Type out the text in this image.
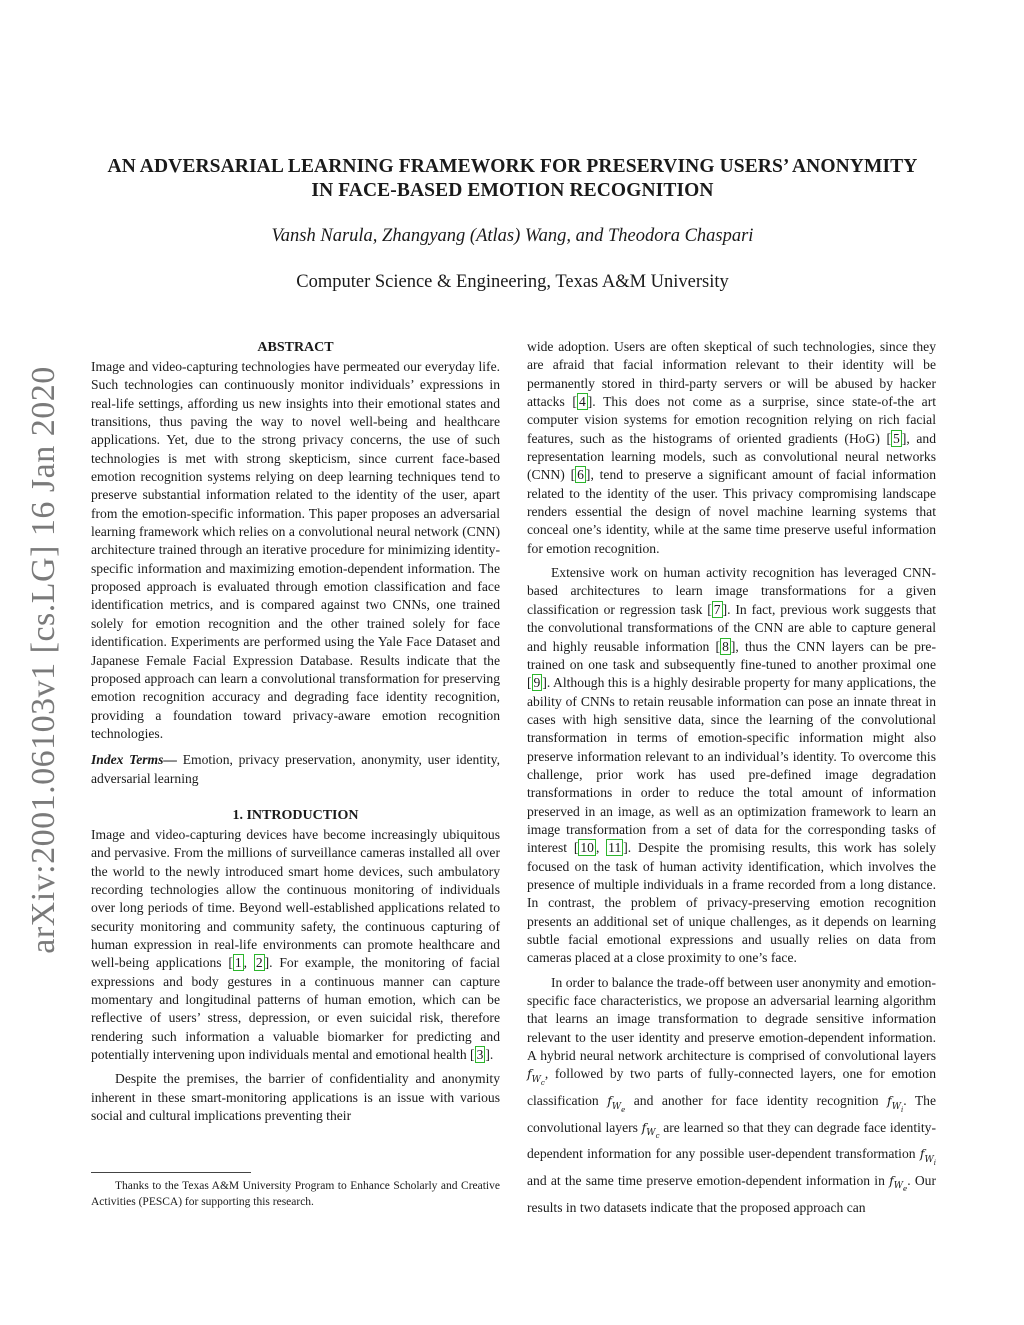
arXiv:2001.06103v1 [cs.LG] 16 Jan 2020
AN ADVERSARIAL LEARNING FRAMEWORK FOR PRESERVING USERS’ ANONYMITY
IN FACE-BASED EMOTION RECOGNITION
Vansh Narula, Zhangyang (Atlas) Wang, and Theodora Chaspari
Computer Science & Engineering, Texas A&M University
ABSTRACT

Image and video-capturing technologies have permeated our everyday life. Such technologies can continuously monitor individuals’ expressions in real-life settings, affording us new insights into their emotional states and transitions, thus paving the way to novel well-being and healthcare applications. Yet, due to the strong privacy concerns, the use of such technologies is met with strong skepticism, since current face-based emotion recognition systems relying on deep learning techniques tend to preserve substantial information related to the identity of the user, apart from the emotion-specific information. This paper proposes an adversarial learning framework which relies on a convolutional neural network (CNN) architecture trained through an iterative procedure for minimizing identity-specific information and maximizing emotion-dependent information. The proposed approach is evaluated through emotion classification and face identification metrics, and is compared against two CNNs, one trained solely for emotion recognition and the other trained solely for face identification. Experiments are performed using the Yale Face Dataset and Japanese Female Facial Expression Database. Results indicate that the proposed approach can learn a convolutional transformation for preserving emotion recognition accuracy and degrading face identity recognition, providing a foundation toward privacy-aware emotion recognition technologies.

Index Terms— Emotion, privacy preservation, anonymity, user identity, adversarial learning

1. INTRODUCTION

Image and video-capturing devices have become increasingly ubiquitous and pervasive. From the millions of surveillance cameras installed all over the world to the newly introduced smart home devices, such ambulatory recording technologies allow the continuous monitoring of individuals over long periods of time. Beyond well-established applications related to security monitoring and community safety, the continuous capturing of human expression in real-life environments can promote healthcare and well-being applications [ 1 , 2 ]. For example, the monitoring of facial expressions and body gestures in a continuous manner can capture momentary and longitudinal patterns of human emotion, which can be reflective of users’ stress, depression, or even suicidal risk, therefore rendering such information a valuable biomarker for predicting and potentially intervening upon individuals mental and emotional health [ 3 ].

Despite the premises, the barrier of confidentiality and anonymity inherent in these smart-monitoring applications is an issue with various social and cultural implications preventing their

Thanks to the Texas A&M University Program to Enhance Scholarly and Creative Activities (PESCA) for supporting this research.

wide adoption. Users are often skeptical of such technologies, since they are afraid that facial information relevant to their identity will be permanently stored in third-party servers or will be abused by hacker attacks [ 4 ]. This does not come as a surprise, since state-of-the art computer vision systems for emotion recognition relying on rich facial features, such as the histograms of oriented gradients (HoG) [ 5 ], and representation learning models, such as convolutional neural networks (CNN) [ 6 ], tend to preserve a significant amount of facial information related to the identity of the user. This privacy compromising landscape renders essential the design of novel machine learning systems that conceal one’s identity, while at the same time preserve useful information for emotion recognition.

Extensive work on human activity recognition has leveraged CNN-based architectures to learn image transformations for a given classification or regression task [ 7 ]. In fact, previous work suggests that the convolutional transformations of the CNN are able to capture general and highly reusable information [ 8 ], thus the CNN layers can be pre-trained on one task and subsequently fine-tuned to another proximal one [ 9 ]. Although this is a highly desirable property for many applications, the ability of CNNs to retain reusable information can pose an innate threat in cases with high sensitive data, since the learning of the convolutional transformation in terms of emotion-specific information might also preserve information relevant to an individual’s identity. To overcome this challenge, prior work has used pre-defined image degradation transformations in order to reduce the total amount of information preserved in an image, as well as an optimization framework to learn an image transformation from a set of data for the corresponding tasks of interest [ 10 , 11 ]. Despite the promising results, this work has solely focused on the task of human activity identification, which involves the presence of multiple individuals in a frame recorded from a long distance. In contrast, the problem of privacy-preserving emotion recognition presents an additional set of unique challenges, as it depends on learning subtle facial emotional expressions and usually relies on data from cameras placed at a close proximity to one’s face.

In order to balance the trade-off between user anonymity and emotion-specific face characteristics, we propose an adversarial learning algorithm that learns an image transformation to degrade sensitive information relevant to the user identity and preserve emotion-dependent information. A hybrid neural network architecture is comprised of convolutional layers $f_{W_c}$, followed by two parts of fully-connected layers, one for emotion classification $f_{W_e}$ and another for face identity recognition $f_{W_i}$. The convolutional layers $f_{W_c}$ are learned so that they can degrade face identity-dependent information for any possible user-dependent transformation $f_{W_i}$ and at the same time preserve emotion-dependent information in $f_{W_e}$. Our results in two datasets indicate that the proposed approach can
